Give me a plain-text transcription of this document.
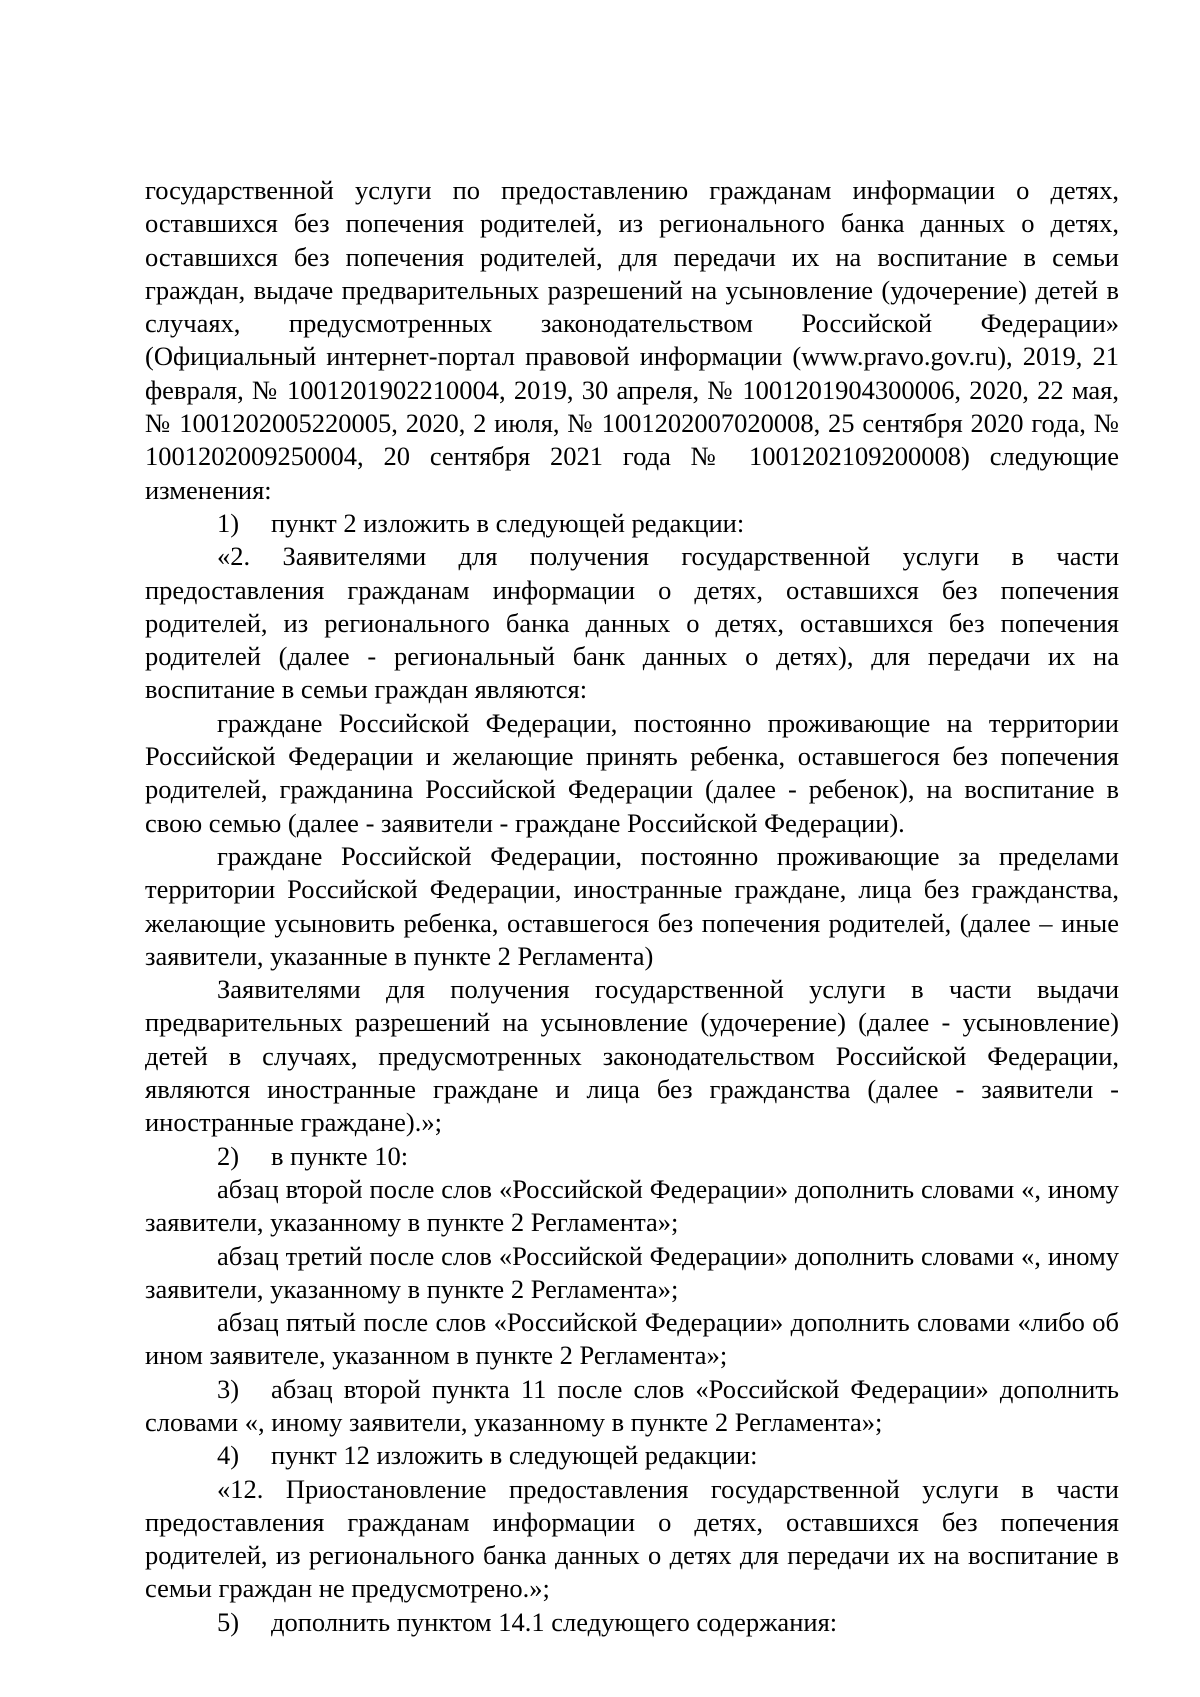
государственной услуги по предоставлению гражданам информации о детях, оставшихся без попечения родителей, из регионального банка данных о детях, оставшихся без попечения родителей, для передачи их на воспитание в семьи граждан, выдаче предварительных разрешений на усыновление (удочерение) детей в случаях, предусмотренных законодательством Российской Федерации» (Официальный интернет-портал правовой информации (www.pravo.gov.ru), 2019, 21 февраля, № 1001201902210004, 2019, 30 апреля, № 1001201904300006, 2020, 22 мая, № 1001202005220005, 2020, 2 июля, № 1001202007020008, 25 сентября 2020 года, № 1001202009250004, 20 сентября 2021 года № 1001202109200008) следующие изменения:

1) пункт 2 изложить в следующей редакции:

«2. Заявителями для получения государственной услуги в части предоставления гражданам информации о детях, оставшихся без попечения родителей, из регионального банка данных о детях, оставшихся без попечения родителей (далее - региональный банк данных о детях), для передачи их на воспитание в семьи граждан являются:

граждане Российской Федерации, постоянно проживающие на территории Российской Федерации и желающие принять ребенка, оставшегося без попечения родителей, гражданина Российской Федерации (далее - ребенок), на воспитание в свою семью (далее - заявители - граждане Российской Федерации).

граждане Российской Федерации, постоянно проживающие за пределами территории Российской Федерации, иностранные граждане, лица без гражданства, желающие усыновить ребенка, оставшегося без попечения родителей, (далее – иные заявители, указанные в пункте 2 Регламента)

Заявителями для получения государственной услуги в части выдачи предварительных разрешений на усыновление (удочерение) (далее - усыновление) детей в случаях, предусмотренных законодательством Российской Федерации, являются иностранные граждане и лица без гражданства (далее - заявители - иностранные граждане).»;

2) в пункте 10:

абзац второй после слов «Российской Федерации» дополнить словами «, иному заявители, указанному в пункте 2 Регламента»;

абзац третий после слов «Российской Федерации» дополнить словами «, иному заявители, указанному в пункте 2 Регламента»;

абзац пятый после слов «Российской Федерации» дополнить словами «либо об ином заявителе, указанном в пункте 2 Регламента»;

3) абзац второй пункта 11 после слов «Российской Федерации» дополнить словами «, иному заявители, указанному в пункте 2 Регламента»;

4) пункт 12 изложить в следующей редакции:

«12. Приостановление предоставления государственной услуги в части предоставления гражданам информации о детях, оставшихся без попечения родителей, из регионального банка данных о детях для передачи их на воспитание в семьи граждан не предусмотрено.»;

5) дополнить пунктом 14.1 следующего содержания:
